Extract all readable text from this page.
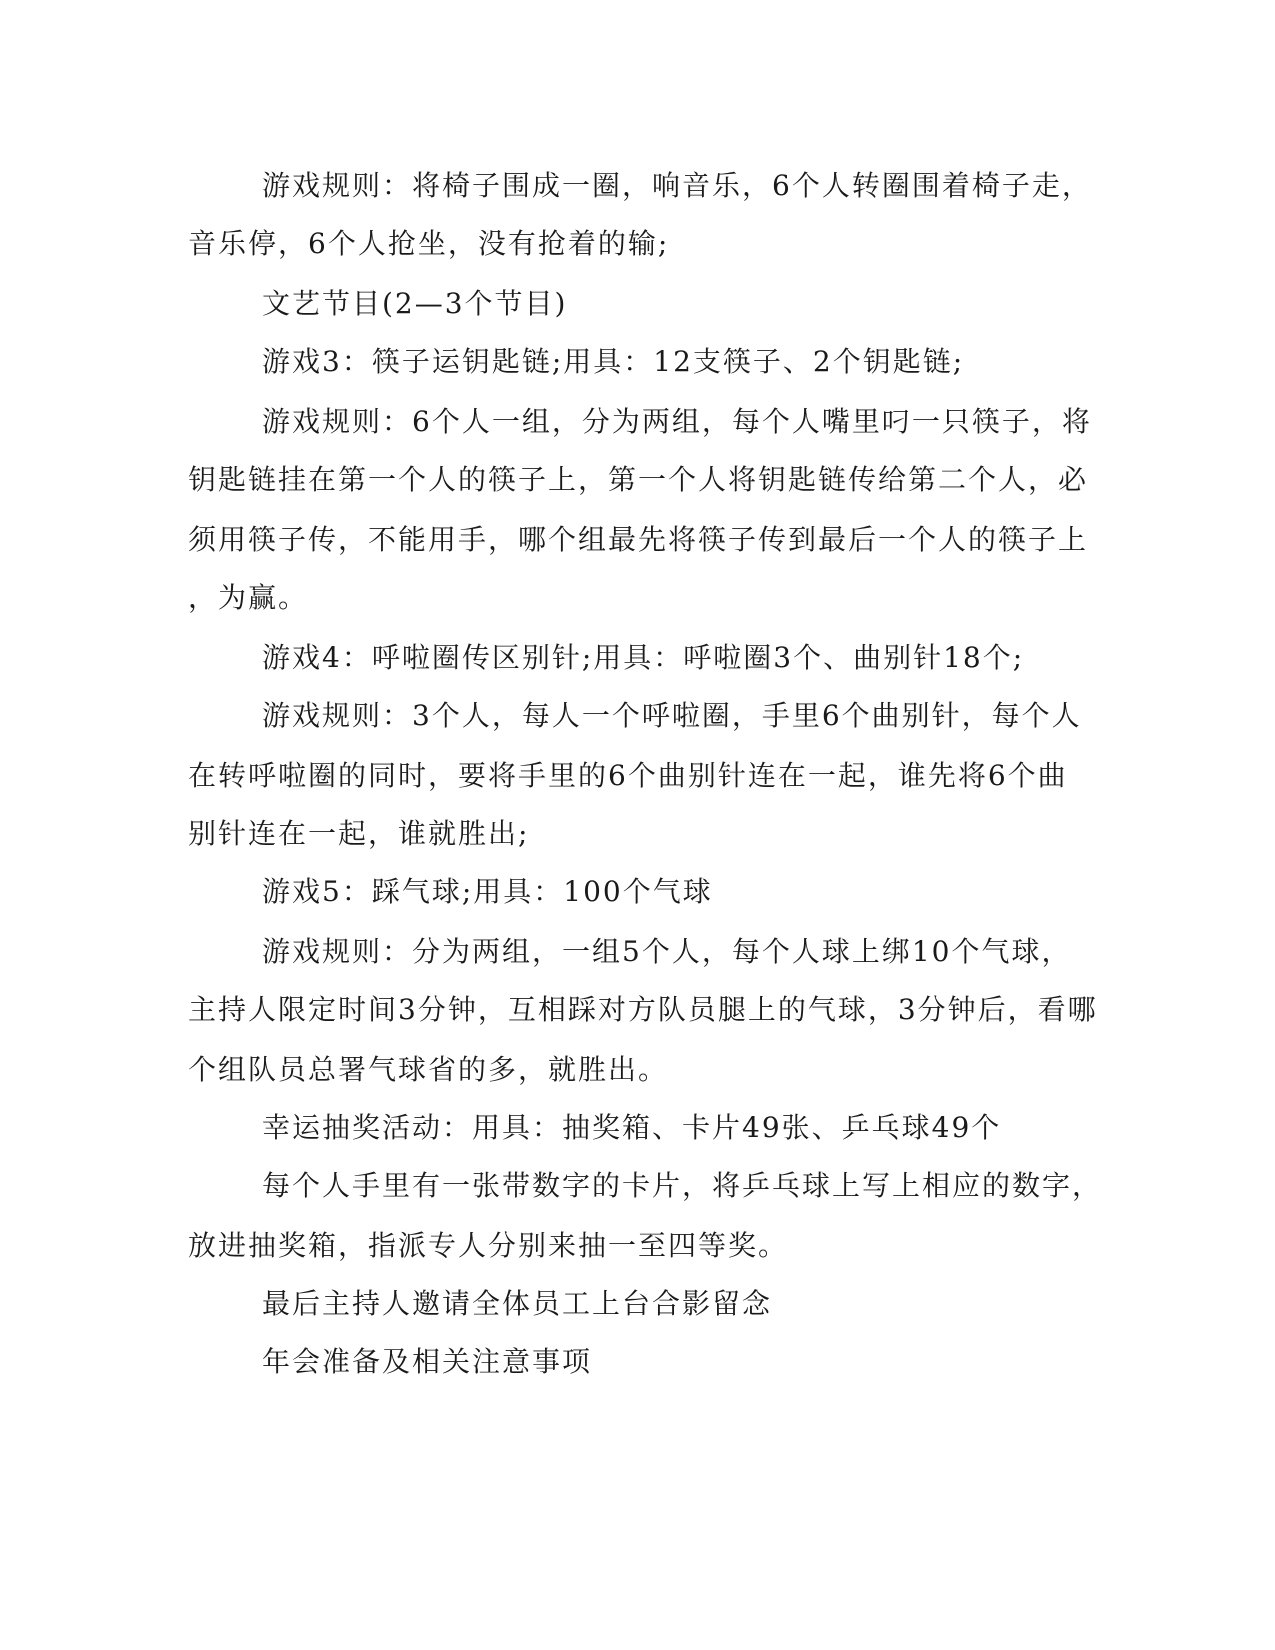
游戏规则：将椅子围成一圈，响音乐，6个人转圈围着椅子走，
音乐停，6个人抢坐，没有抢着的输;
文艺节目(2—3个节目)
游戏3：筷子运钥匙链;用具：12支筷子、2个钥匙链;
游戏规则：6个人一组，分为两组，每个人嘴里叼一只筷子，将
钥匙链挂在第一个人的筷子上，第一个人将钥匙链传给第二个人，必
须用筷子传，不能用手，哪个组最先将筷子传到最后一个人的筷子上
，为赢。
游戏4：呼啦圈传区别针;用具：呼啦圈3个、曲别针18个;
游戏规则：3个人，每人一个呼啦圈，手里6个曲别针，每个人
在转呼啦圈的同时，要将手里的6个曲别针连在一起，谁先将6个曲
别针连在一起，谁就胜出;
游戏5：踩气球;用具：100个气球
游戏规则：分为两组，一组5个人，每个人球上绑10个气球，
主持人限定时间3分钟，互相踩对方队员腿上的气球，3分钟后，看哪
个组队员总署气球省的多，就胜出。
幸运抽奖活动：用具：抽奖箱、卡片49张、乒乓球49个
每个人手里有一张带数字的卡片，将乒乓球上写上相应的数字，
放进抽奖箱，指派专人分别来抽一至四等奖。
最后主持人邀请全体员工上台合影留念
年会准备及相关注意事项
